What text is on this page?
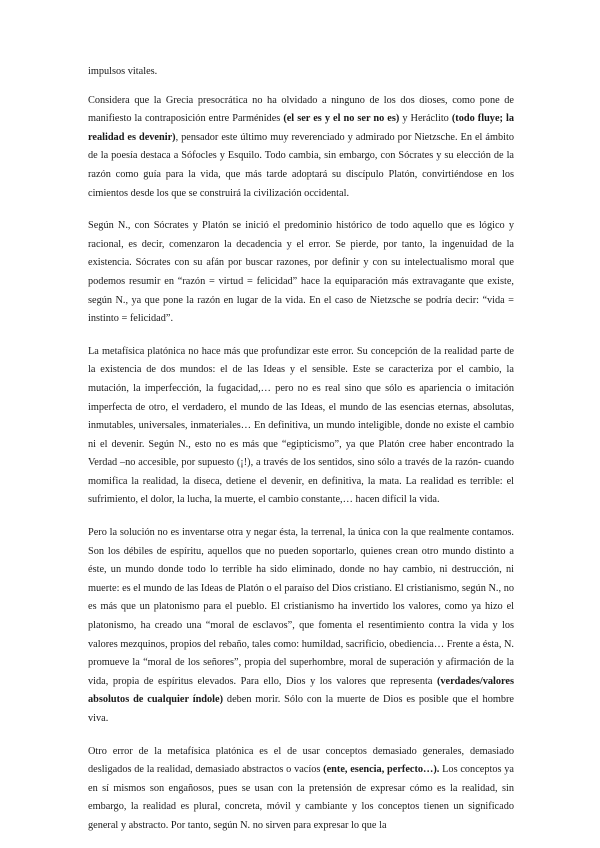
impulsos vitales.

Considera que la Grecia presocrática no ha olvidado a ninguno de los dos dioses, como pone de manifiesto la contraposición entre Parménides (el ser es y el no ser no es) y Heráclito (todo fluye; la realidad es devenir), pensador este último muy reverenciado y admirado por Nietzsche. En el ámbito de la poesía destaca a Sófocles y Esquilo. Todo cambia, sin embargo, con Sócrates y su elección de la razón como guía para la vida, que más tarde adoptará su discípulo Platón, convirtiéndose en los cimientos desde los que se construirá la civilización occidental.

Según N., con Sócrates y Platón se inició el predominio histórico de todo aquello que es lógico y racional, es decir, comenzaron la decadencia y el error. Se pierde, por tanto, la ingenuidad de la existencia. Sócrates con su afán por buscar razones, por definir y con su intelectualismo moral que podemos resumir en “razón = virtud = felicidad” hace la equiparación más extravagante que existe, según N., ya que pone la razón en lugar de la vida. En el caso de Nietzsche se podría decir: “vida = instinto = felicidad”.

La metafísica platónica no hace más que profundizar este error. Su concepción de la realidad parte de la existencia de dos mundos: el de las Ideas y el sensible. Este se caracteriza por el cambio, la mutación, la imperfección, la fugacidad,… pero no es real sino que sólo es apariencia o imitación imperfecta de otro, el verdadero, el mundo de las Ideas, el mundo de las esencias eternas, absolutas, inmutables, universales, inmateriales… En definitiva, un mundo inteligible, donde no existe el cambio ni el devenir. Según N., esto no es más que “egipticismo”, ya que Platón cree haber encontrado la Verdad –no accesible, por supuesto (¡!), a través de los sentidos, sino sólo a través de la razón- cuando momifica la realidad, la diseca, detiene el devenir, en definitiva, la mata. La realidad es terrible: el sufrimiento, el dolor, la lucha, la muerte, el cambio constante,… hacen difícil la vida.

Pero la solución no es inventarse otra y negar ésta, la terrenal, la única con la que realmente contamos. Son los débiles de espíritu, aquellos que no pueden soportarlo, quienes crean otro mundo distinto a éste, un mundo donde todo lo terrible ha sido eliminado, donde no hay cambio, ni destrucción, ni muerte: es el mundo de las Ideas de Platón o el paraíso del Dios cristiano. El cristianismo, según N., no es más que un platonismo para el pueblo. El cristianismo ha invertido los valores, como ya hizo el platonismo, ha creado una “moral de esclavos”, que fomenta el resentimiento contra la vida y los valores mezquinos, propios del rebaño, tales como: humildad, sacrificio, obediencia… Frente a ésta, N. promueve la “moral de los señores”, propia del superhombre, moral de superación y afirmación de la vida, propia de espíritus elevados. Para ello, Dios y los valores que representa (verdades/valores absolutos de cualquier índole) deben morir. Sólo con la muerte de Dios es posible que el hombre viva.

Otro error de la metafísica platónica es el de usar conceptos demasiado generales, demasiado desligados de la realidad, demasiado abstractos o vacíos (ente, esencia, perfecto…). Los conceptos ya en sí mismos son engañosos, pues se usan con la pretensión de expresar cómo es la realidad, sin embargo, la realidad es plural, concreta, móvil y cambiante y los conceptos tienen un significado general y abstracto. Por tanto, según N. no sirven para expresar lo que la
